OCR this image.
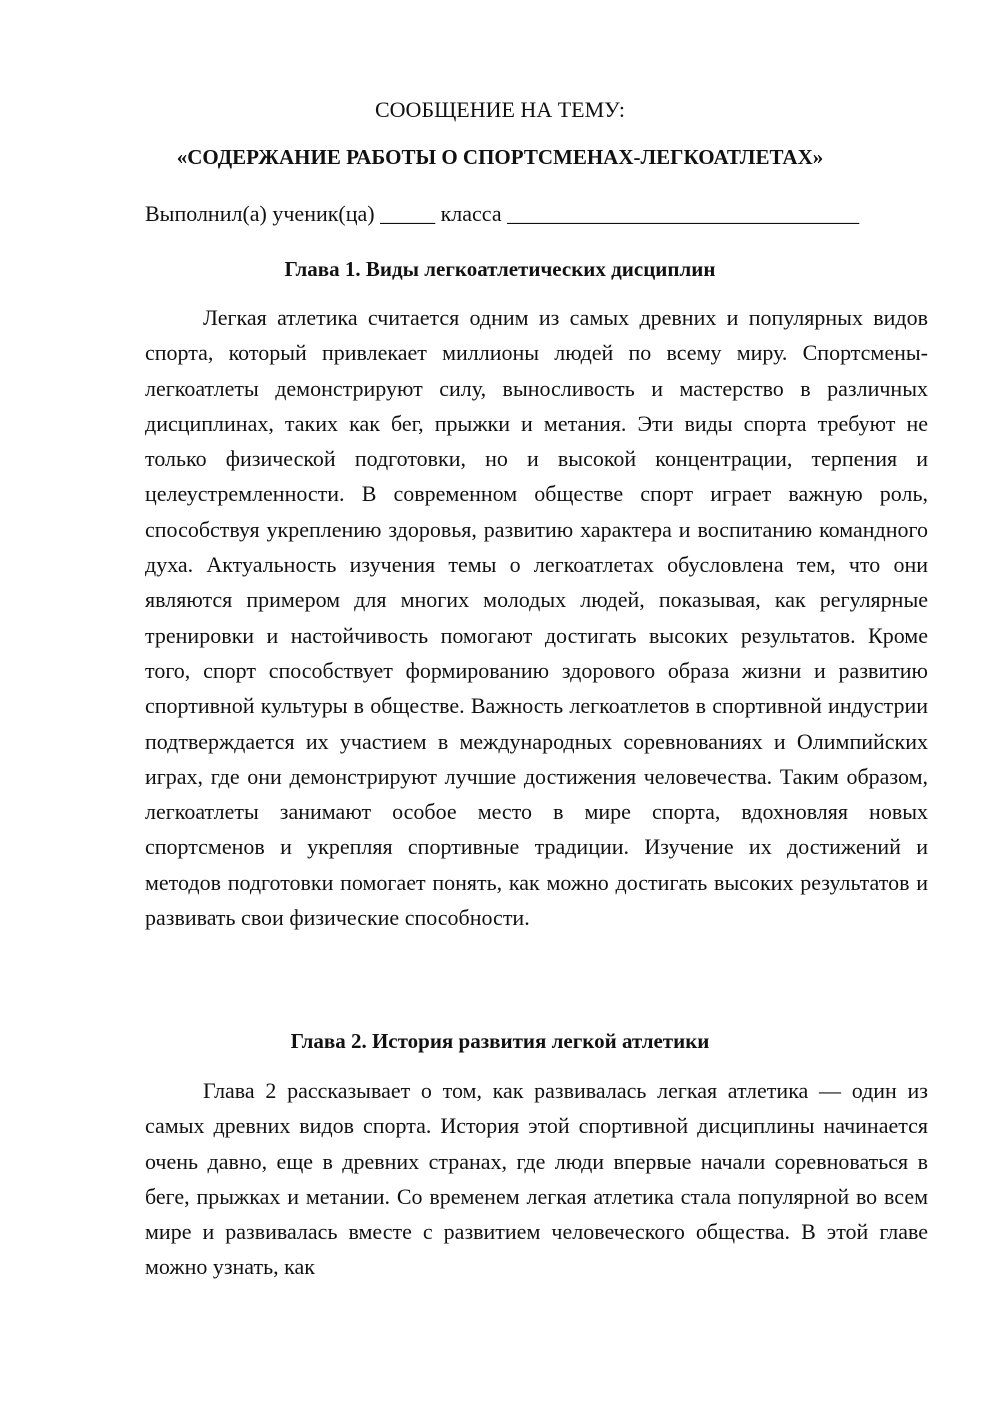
СООБЩЕНИЕ НА ТЕМУ:
«СОДЕРЖАНИЕ РАБОТЫ О СПОРТСМЕНАХ-ЛЕГКОАТЛЕТАХ»

Выполнил(а) ученик(ца) _____ класса ________________________________

Глава 1. Виды легкоатлетических дисциплин

Легкая атлетика считается одним из самых древних и популярных видов спорта, который привлекает миллионы людей по всему миру. Спортсмены-легкоатлеты демонстрируют силу, выносливость и мастерство в различных дисциплинах, таких как бег, прыжки и метания. Эти виды спорта требуют не только физической подготовки, но и высокой концентрации, терпения и целеустремленности. В современном обществе спорт играет важную роль, способствуя укреплению здоровья, развитию характера и воспитанию командного духа. Актуальность изучения темы о легкоатлетах обусловлена тем, что они являются примером для многих молодых людей, показывая, как регулярные тренировки и настойчивость помогают достигать высоких результатов. Кроме того, спорт способствует формированию здорового образа жизни и развитию спортивной культуры в обществе. Важность легкоатлетов в спортивной индустрии подтверждается их участием в международных соревнованиях и Олимпийских играх, где они демонстрируют лучшие достижения человечества. Таким образом, легкоатлеты занимают особое место в мире спорта, вдохновляя новых спортсменов и укрепляя спортивные традиции. Изучение их достижений и методов подготовки помогает понять, как можно достигать высоких результатов и развивать свои физические способности.

Глава 2. История развития легкой атлетики

Глава 2 рассказывает о том, как развивалась легкая атлетика — один из самых древних видов спорта. История этой спортивной дисциплины начинается очень давно, еще в древних странах, где люди впервые начали соревноваться в беге, прыжках и метании. Со временем легкая атлетика стала популярной во всем мире и развивалась вместе с развитием человеческого общества. В этой главе можно узнать, как
